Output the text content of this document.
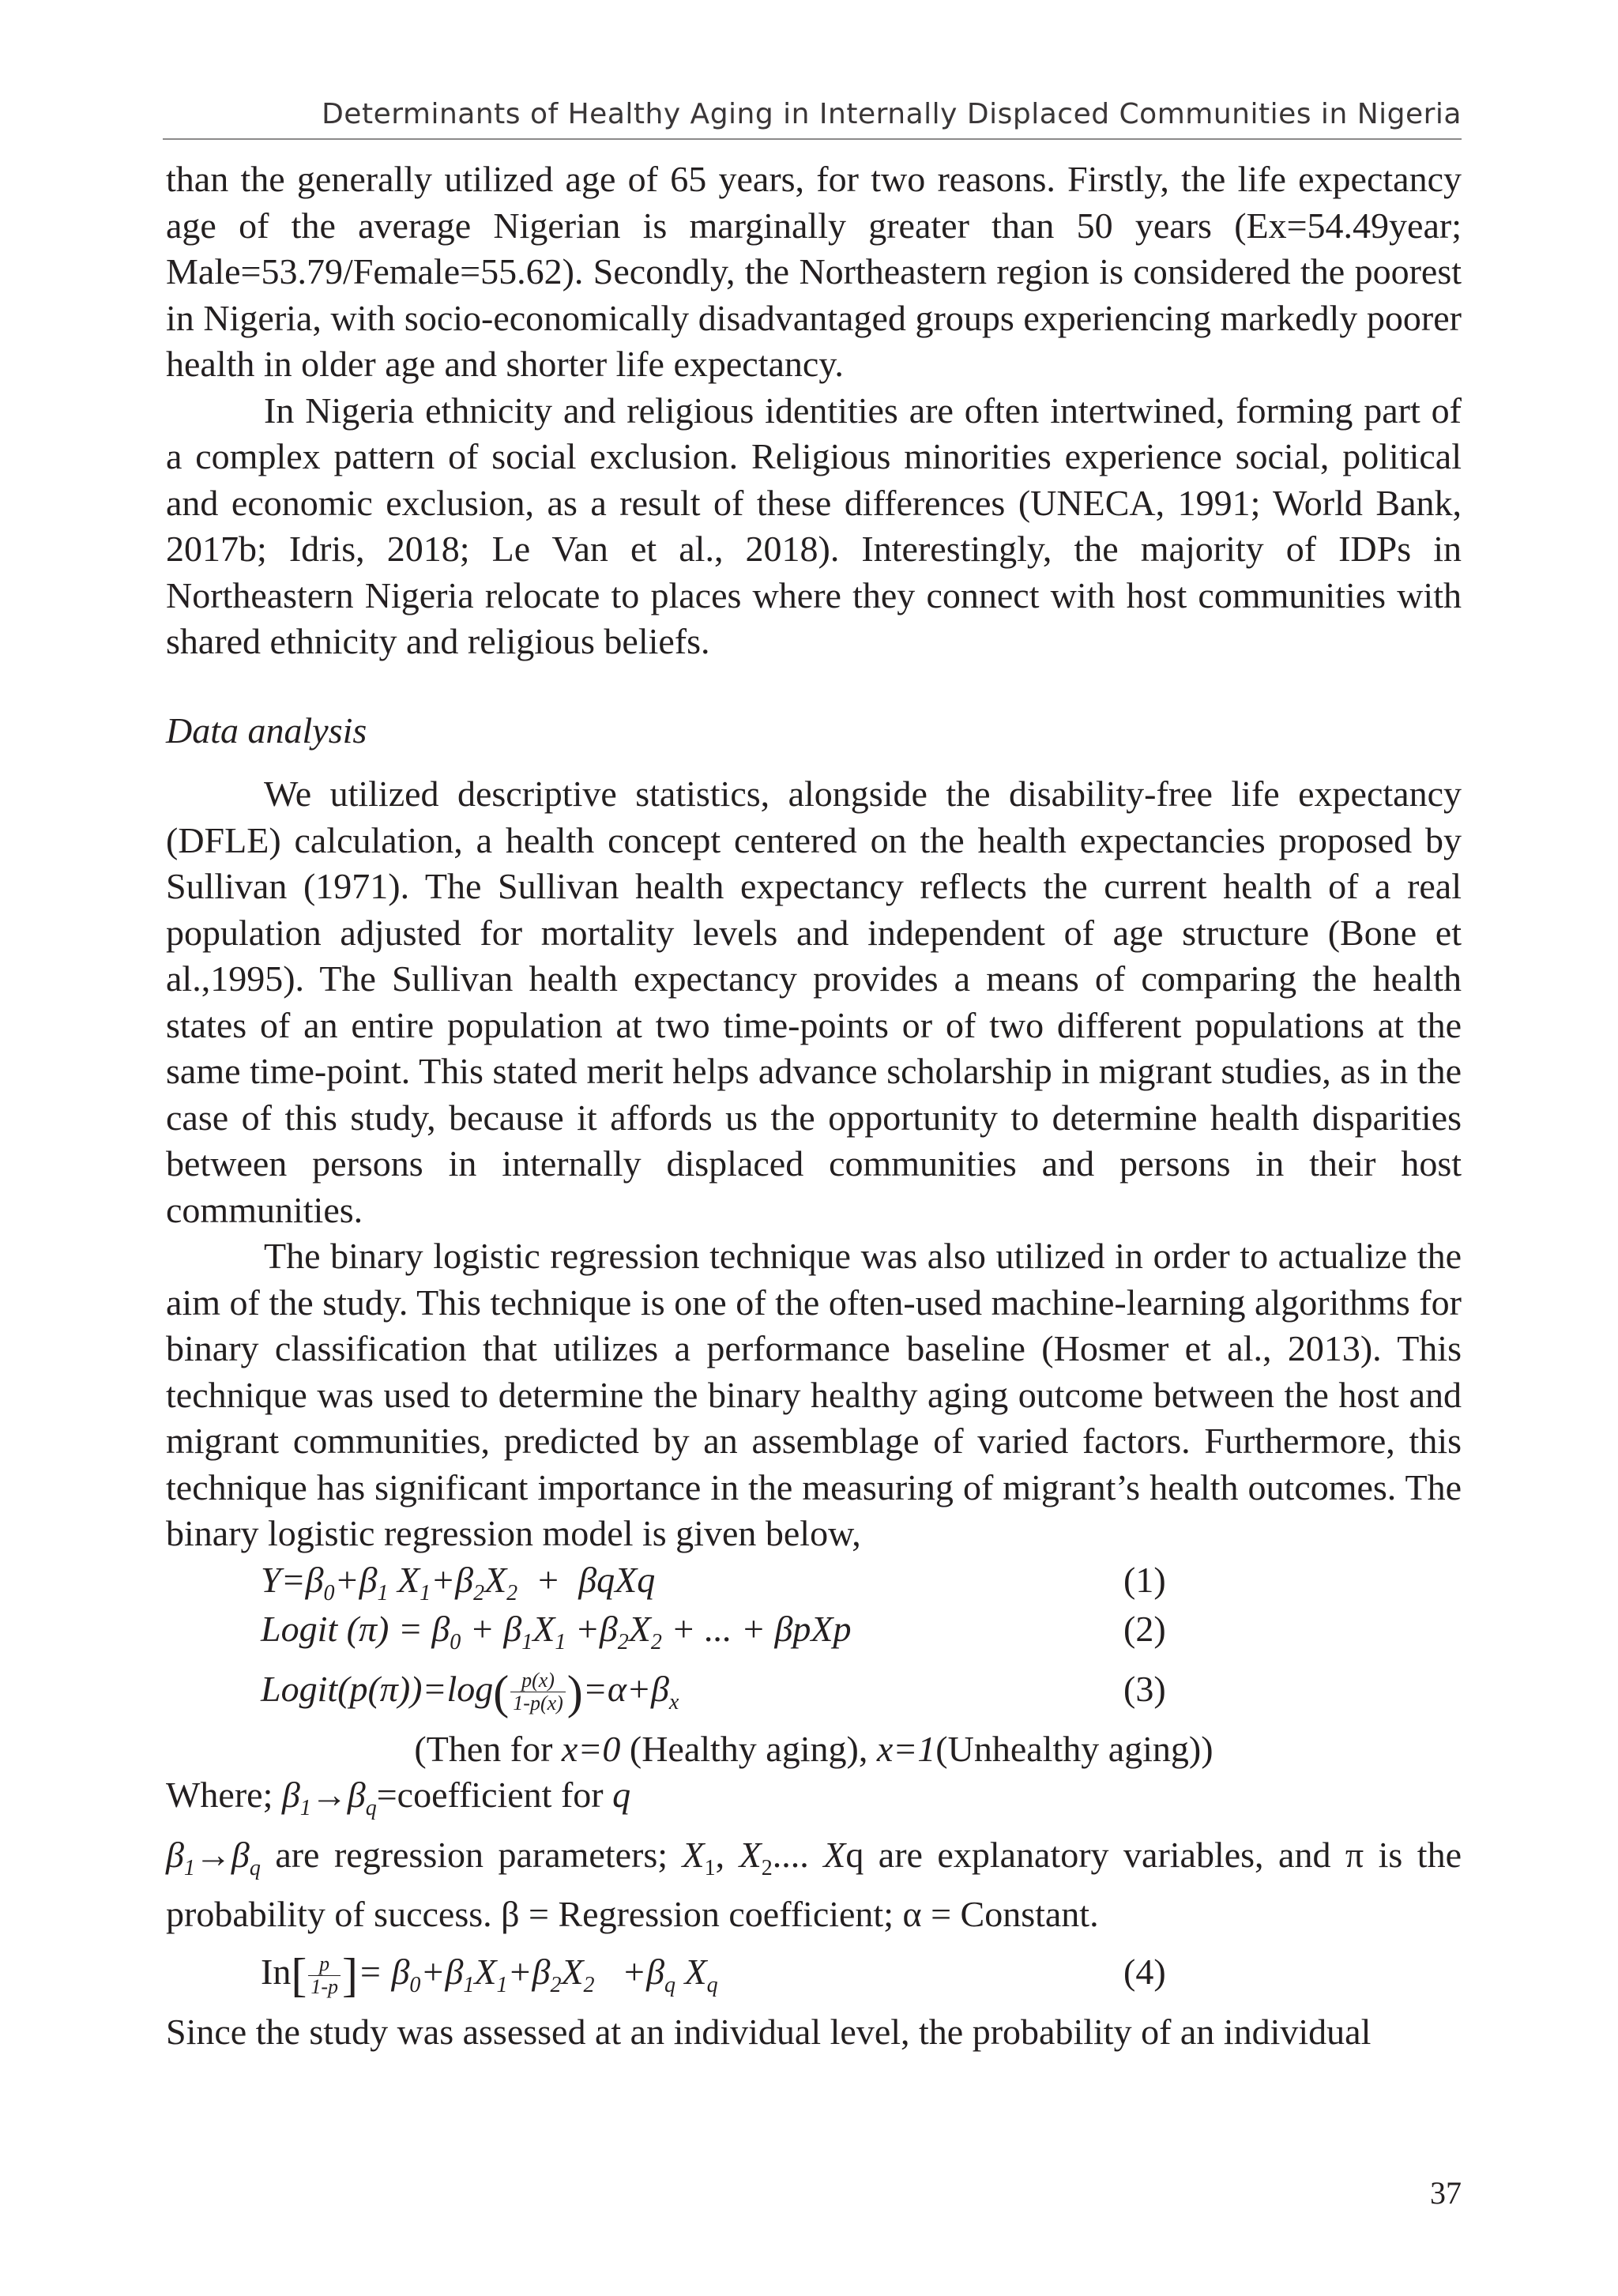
Determinants of Healthy Aging in Internally Displaced Communities in Nigeria

than the generally utilized age of 65 years, for two reasons. Firstly, the life expectancy age of the average Nigerian is marginally greater than 50 years (Ex=54.49year; Male=53.79/Female=55.62). Secondly, the Northeastern region is considered the poorest in Nigeria, with socio-economically disadvantaged groups experiencing markedly poorer health in older age and shorter life expectancy.

In Nigeria ethnicity and religious identities are often intertwined, forming part of a complex pattern of social exclusion. Religious minorities experience social, political and economic exclusion, as a result of these differences (UNECA, 1991; World Bank, 2017b; Idris, 2018; Le Van et al., 2018). Interestingly, the majority of IDPs in Northeastern Nigeria relocate to places where they connect with host communities with shared ethnicity and religious beliefs.

Data analysis

We utilized descriptive statistics, alongside the disability-free life expectancy (DFLE) calculation, a health concept centered on the health expectancies proposed by Sullivan (1971). The Sullivan health expectancy reflects the current health of a real population adjusted for mortality levels and independent of age structure (Bone et al.,1995). The Sullivan health expectancy provides a means of comparing the health states of an entire population at two time-points or of two different populations at the same time-point. This stated merit helps advance scholarship in migrant studies, as in the case of this study, because it affords us the opportunity to determine health disparities between persons in internally displaced communities and persons in their host communities.

The binary logistic regression technique was also utilized in order to actualize the aim of the study. This technique is one of the often-used machine-learning algorithms for binary classification that utilizes a performance baseline (Hosmer et al., 2013). This technique was used to determine the binary healthy aging outcome between the host and migrant communities, predicted by an assemblage of varied factors. Furthermore, this technique has significant importance in the measuring of migrant’s health outcomes. The binary logistic regression model is given below,

$Y=\beta_0+\beta_1$ $X_1+\beta_2X_2 + \beta qXq$	(1)
Logit $(\pi) = \beta_0 + \beta_1X_1 +\beta_2X_2$ + ... + βpXp	(2)
Logit(p(π))=log( $\frac{p(x)}{1-p(x)} )=\alpha+\beta_x$	(3)

(Then for x=0 (Healthy aging), x=1(Unhealthy aging))

Where; $\beta_1\to\beta_q=coefficient$ for q

$\beta_1\to\beta_q$ are regression parameters; $X_1$, $X_2$.... Xq are explanatory variables, and π is the probability of success. β = Regression coefficient; α = Constant.

$In[ \frac{p}{1-p}$ ]= $\beta_0+\beta_1X_1+\beta_2X_2 +\beta_q$ $X_q$	(4)

Since the study was assessed at an individual level, the probability of an individual

37
